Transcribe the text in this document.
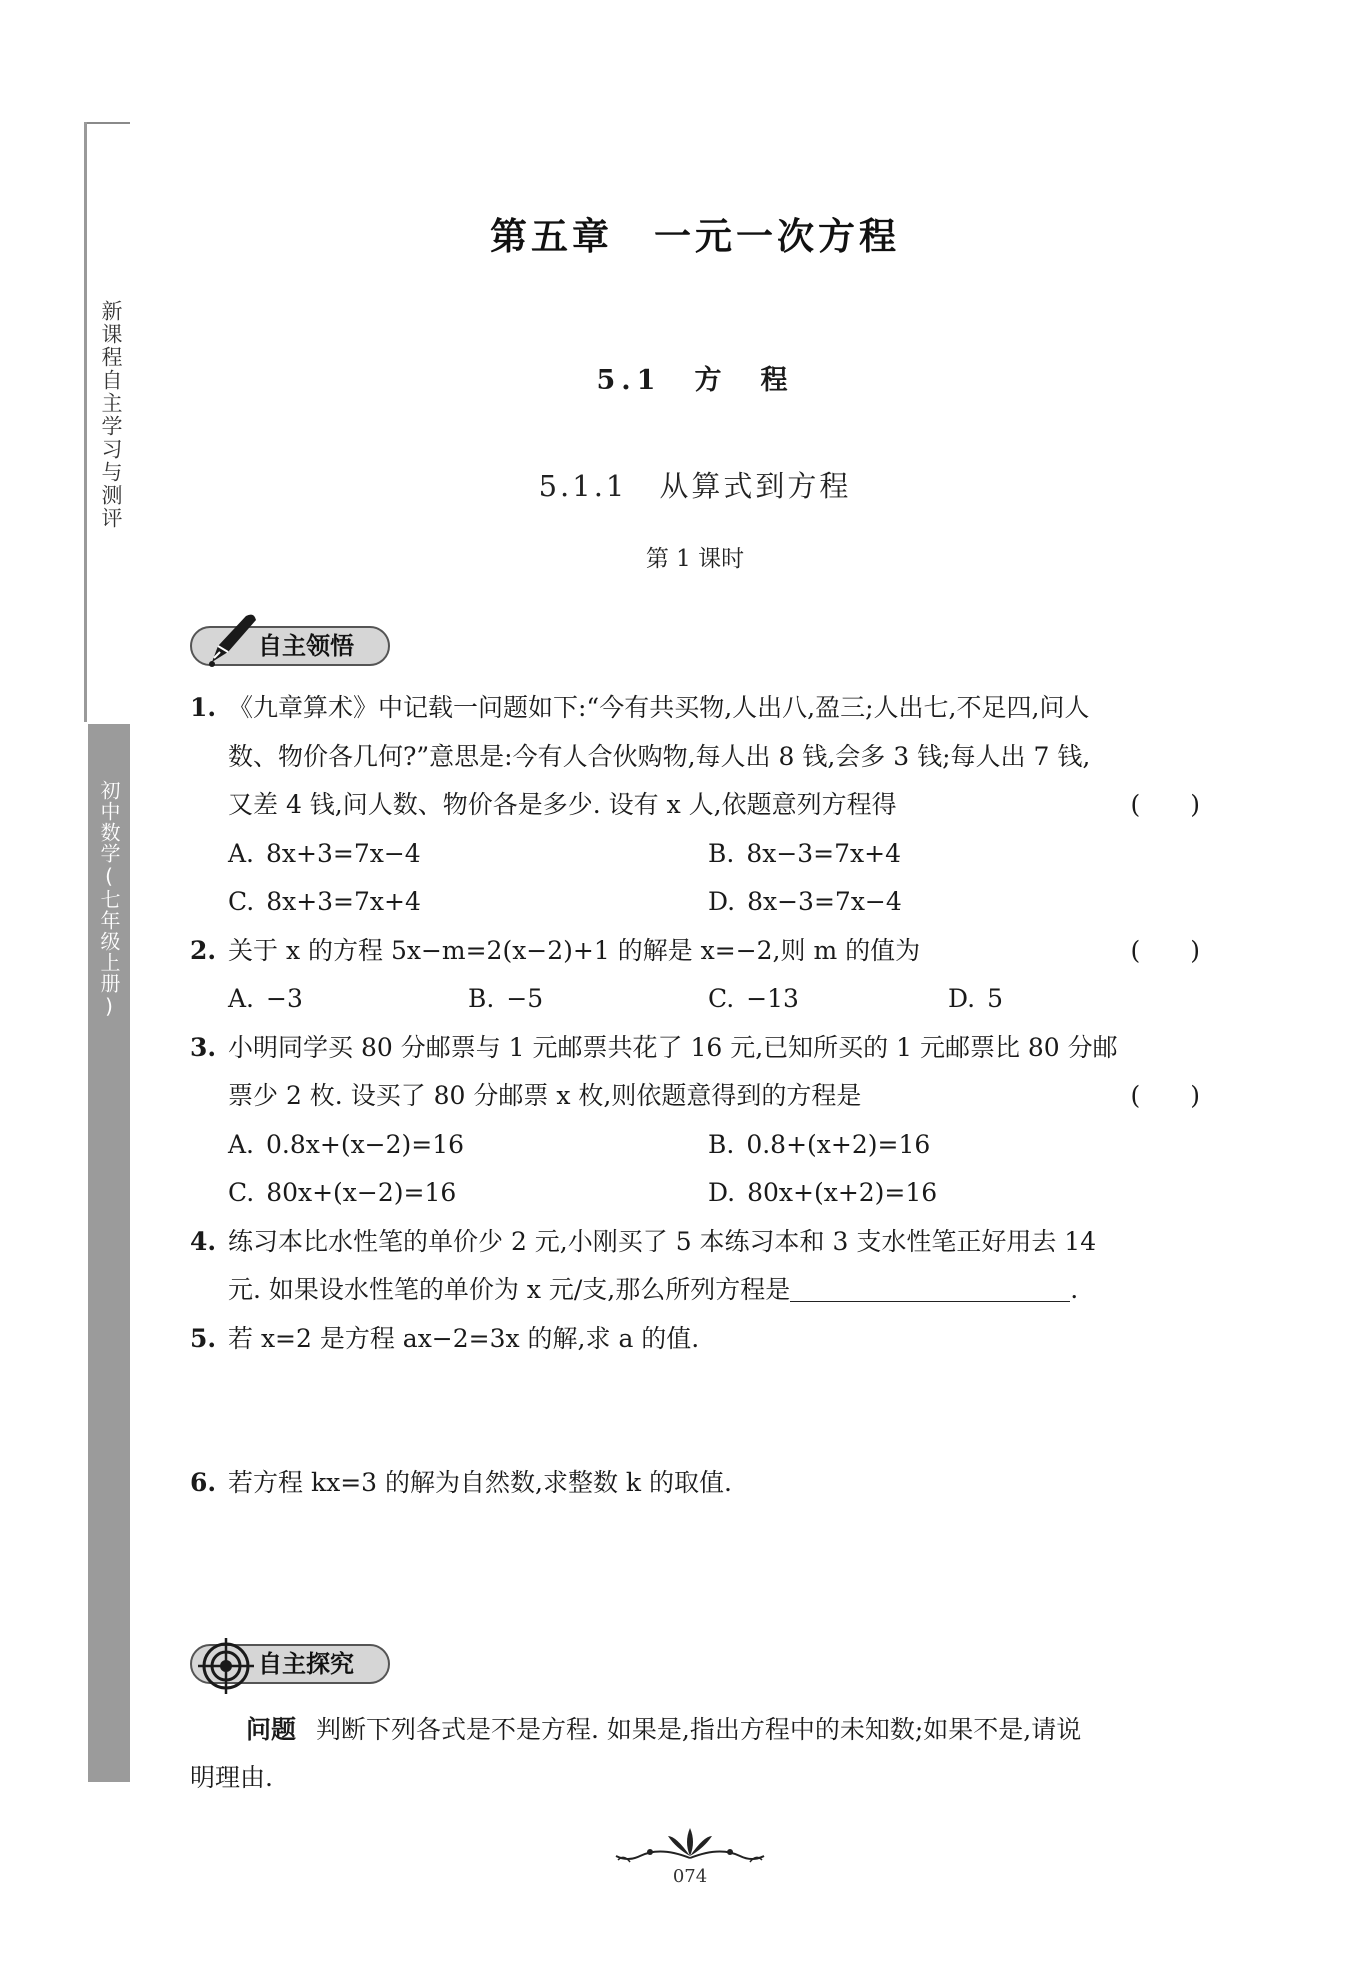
新课程自主学习与测评
初中数学(七年级上册)
第五章　一元一次方程
5.1　方　程
5.1.1　从算式到方程
第 1 课时
自主领悟
1. 《九章算术》中记载一问题如下:“今有共买物,人出八,盈三;人出七,不足四,问人
数、物价各几何?”意思是:今有人合伙购物,每人出 8 钱,会多 3 钱;每人出 7 钱,
又差 4 钱,问人数、物价各是多少. 设有 x 人,依题意列方程得	(　　)
A. 8x+3=7x−4	B. 8x−3=7x+4
C. 8x+3=7x+4	D. 8x−3=7x−4
2. 关于 x 的方程 5x−m=2(x−2)+1 的解是 x=−2,则 m 的值为	(　　)
A. −3	B. −5	C. −13	D. 5
3. 小明同学买 80 分邮票与 1 元邮票共花了 16 元,已知所买的 1 元邮票比 80 分邮
票少 2 枚. 设买了 80 分邮票 x 枚,则依题意得到的方程是	(　　)
A. 0.8x+(x−2)=16	B. 0.8+(x+2)=16
C. 80x+(x−2)=16	D. 80x+(x+2)=16
4. 练习本比水性笔的单价少 2 元,小刚买了 5 本练习本和 3 支水性笔正好用去 14
元. 如果设水性笔的单价为 x 元/支,那么所列方程是	.
5. 若 x=2 是方程 ax−2=3x 的解,求 a 的值.
6. 若方程 kx=3 的解为自然数,求整数 k 的取值.
自主探究
问题 判断下列各式是不是方程. 如果是,指出方程中的未知数;如果不是,请说
明理由.
074
